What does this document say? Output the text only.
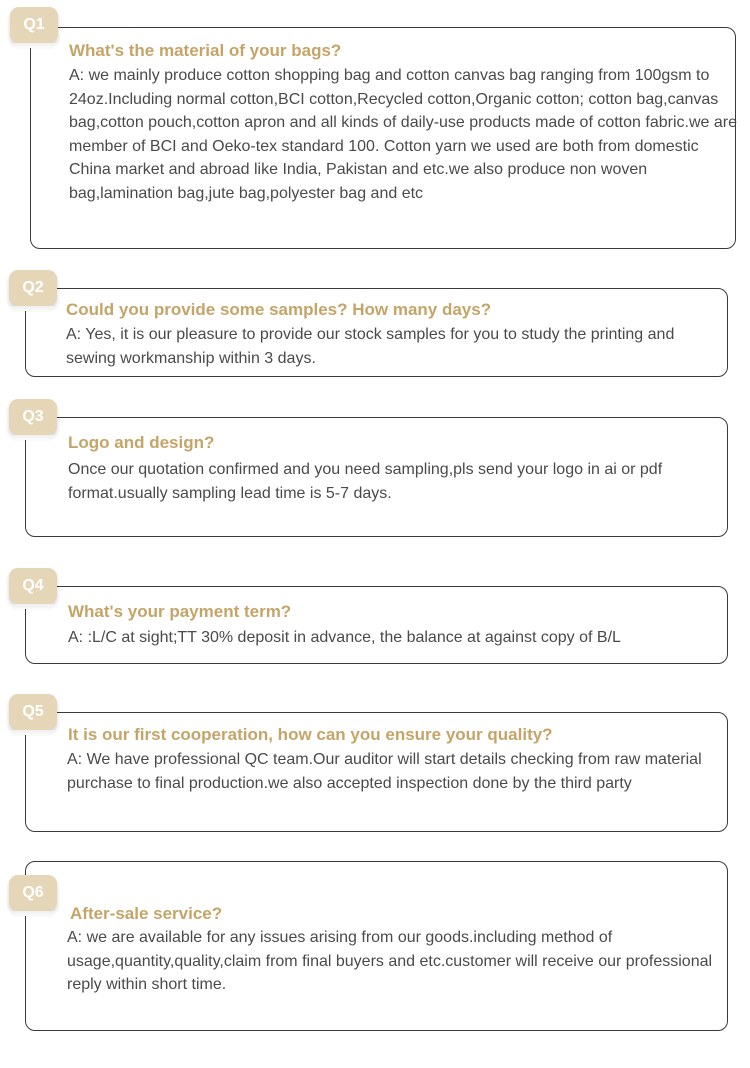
Q1
What's the material of your bags?
A: we mainly produce cotton shopping bag and cotton canvas bag ranging from 100gsm to 24oz.Including normal cotton,BCI cotton,Recycled cotton,Organic cotton; cotton bag,canvas bag,cotton pouch,cotton apron and all kinds of daily-use products made of cotton fabric.we are member of BCI and Oeko-tex standard 100. Cotton yarn we used are both from domestic China market and abroad like India, Pakistan and etc.we also produce non woven bag,lamination bag,jute bag,polyester bag and etc
Q2
Could you provide some samples? How many days?
A: Yes, it is our pleasure to provide our stock samples for you to study the printing and sewing workmanship within 3 days.
Q3
Logo and design?
Once our quotation confirmed and you need sampling,pls send your logo in ai or pdf format.usually sampling lead time is 5-7 days.
Q4
What's your payment term?
A: :L/C at sight;TT 30% deposit in advance, the balance at against copy of B/L
Q5
It is our first cooperation, how can you ensure your quality?
A: We have professional QC team.Our auditor will start details checking from raw material purchase to final production.we also accepted inspection done by the third party
Q6
After-sale service?
A: we are available for any issues arising from our goods.including method of usage,quantity,quality,claim from final buyers and etc.customer will receive our professional reply within short time.
